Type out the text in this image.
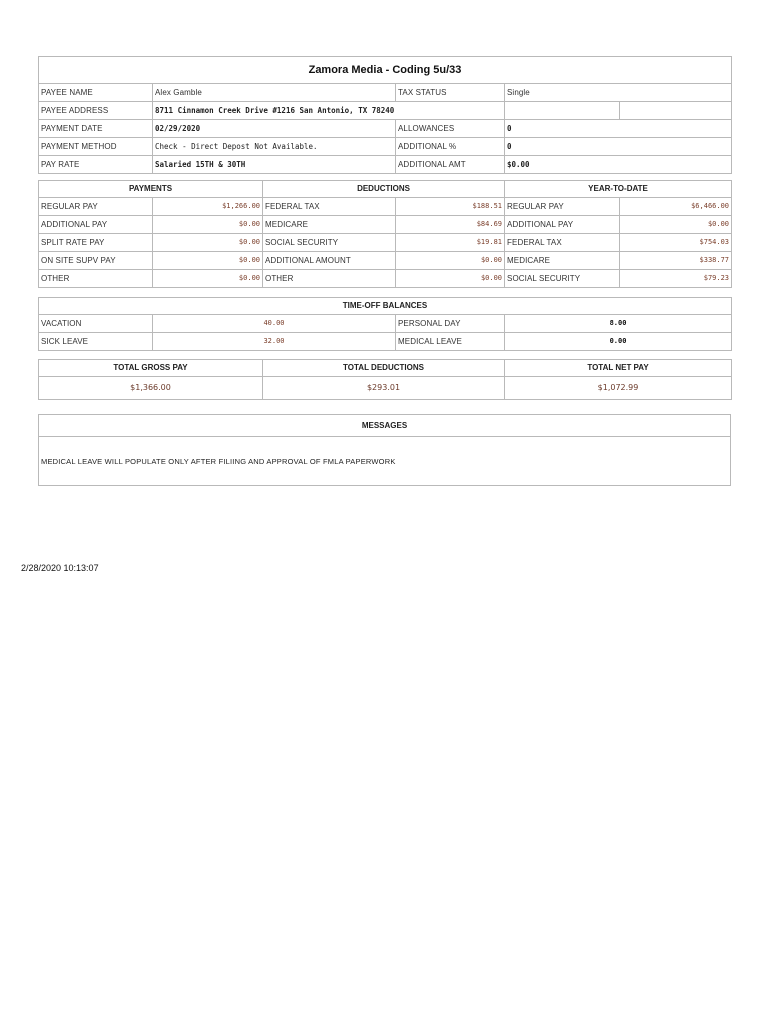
Zamora Media - Coding 5u/33				
PAYEE NAME	Alex Gamble	TAX STATUS	Single	
PAYEE ADDRESS	8711 Cinnamon Creek Drive #1216 San Antonio, TX 78240			
PAYMENT DATE	02/29/2020	ALLOWANCES	0	
PAYMENT METHOD	Check - Direct Depost Not Available.	ADDITIONAL %	0	
PAY RATE	Salaried 15TH & 30TH	ADDITIONAL AMT	$0.00	
PAYMENTS		DEDUCTIONS		YEAR-TO-DATE	
REGULAR PAY	$1,266.00	FEDERAL TAX	$188.51	REGULAR PAY	$6,466.00
ADDITIONAL PAY	$0.00	MEDICARE	$84.69	ADDITIONAL PAY	$0.00
SPLIT RATE PAY	$0.00	SOCIAL SECURITY	$19.81	FEDERAL TAX	$754.03
ON SITE SUPV PAY	$0.00	ADDITIONAL AMOUNT	$0.00	MEDICARE	$338.77
OTHER	$0.00	OTHER	$0.00	SOCIAL SECURITY	$79.23
TIME-OFF BALANCES			
VACATION	40.00	PERSONAL DAY	8.00
SICK LEAVE	32.00	MEDICAL LEAVE	0.00
TOTAL GROSS PAY	TOTAL DEDUCTIONS	TOTAL NET PAY
$1,366.00	$293.01	$1,072.99
MESSAGES
MEDICAL LEAVE WILL POPULATE ONLY AFTER FILIING AND APPROVAL OF FMLA PAPERWORK
2/28/2020 10:13:07
